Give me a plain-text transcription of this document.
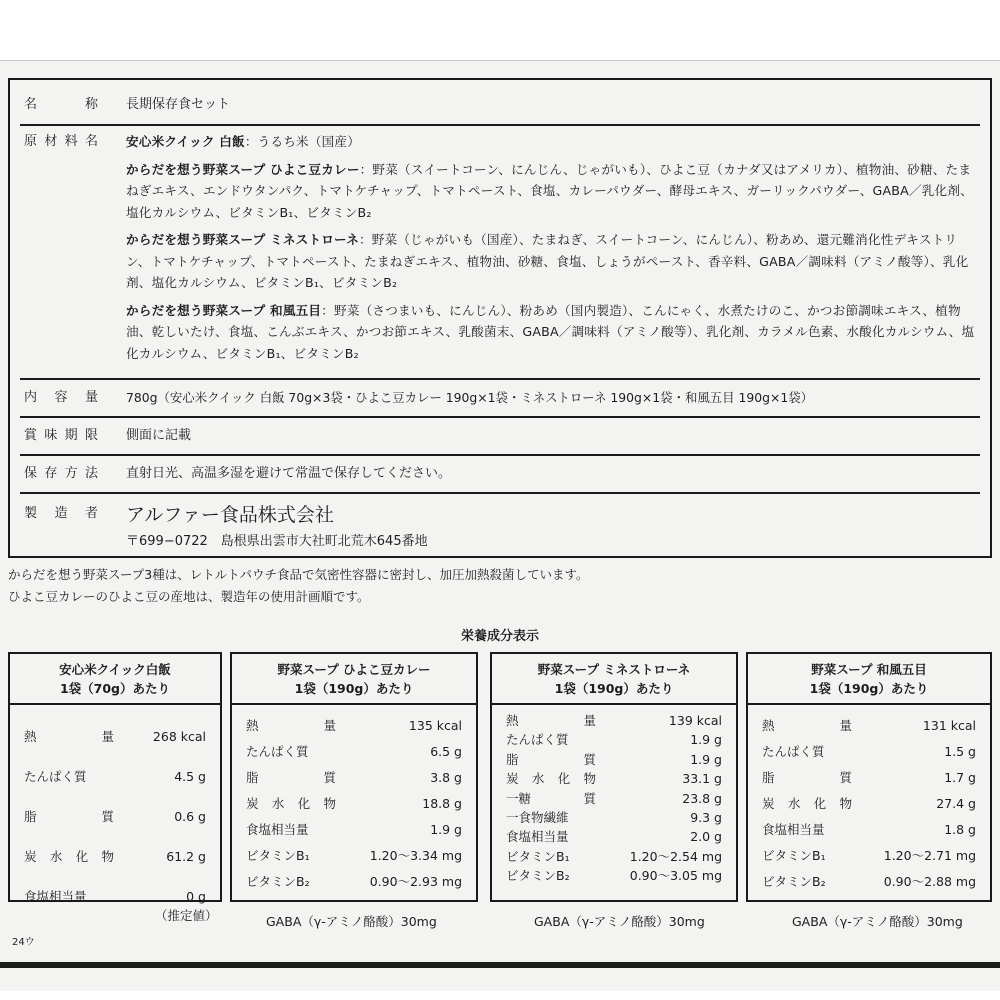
名	称 長期保存食セット
原 材 料 名 安心米クイック 白飯：うるち米（国産）

からだを想う野菜スープ ひよこ豆カレー：野菜（スイートコーン、にんじん、じゃがいも）、ひよこ豆（カナダ又はアメリカ）、植物油、砂糖、たまねぎエキス、エンドウタンパク、トマトケチャップ、トマトペースト、食塩、カレーパウダー、酵母エキス、ガーリックパウダー、GABA／乳化剤、塩化カルシウム、ビタミンB₁、ビタミンB₂

からだを想う野菜スープ ミネストローネ：野菜（じゃがいも（国産）、たまねぎ、スイートコーン、にんじん）、粉あめ、還元難消化性デキストリン、トマトケチャップ、トマトペースト、たまねぎエキス、植物油、砂糖、食塩、しょうがペースト、香辛料、GABA／調味料（アミノ酸等）、乳化剤、塩化カルシウム、ビタミンB₁、ビタミンB₂

からだを想う野菜スープ 和風五目：野菜（さつまいも、にんじん）、粉あめ（国内製造）、こんにゃく、水煮たけのこ、かつお節調味エキス、植物油、乾しいたけ、食塩、こんぶエキス、かつお節エキス、乳酸菌末、GABA／調味料（アミノ酸等）、乳化剤、カラメル色素、水酸化カルシウム、塩化カルシウム、ビタミンB₁、ビタミンB₂

内 容 量 780g（安心米クイック 白飯 70g×3袋・ひよこ豆カレー 190g×1袋・ミネストローネ 190g×1袋・和風五目 190g×1袋）
賞 味 期 限 側面に記載
保 存 方 法 直射日光、高温多湿を避けて常温で保存してください。
製 造 者 アルファー食品株式会社
〒699−0722　島根県出雲市大社町北荒木645番地
からだを想う野菜スープ3種は、レトルトパウチ食品で気密性容器に密封し、加圧加熱殺菌しています。
ひよこ豆カレーのひよこ豆の産地は、製造年の使用計画順です。
栄養成分表示
安心米クイック白飯
1袋（70g）あたり
熱	量	268 kcal
たんぱく質	4.5 g
脂	質	0.6 g
炭 水 化 物	61.2 g
食塩相当量	0 g
野菜スープ ひよこ豆カレー
1袋（190g）あたり
熱	量	135 kcal
たんぱく質	6.5 g
脂	質	3.8 g
炭 水 化 物	18.8 g
食塩相当量	1.9 g
ビタミンB₁	1.20〜3.34 mg
ビタミンB₂	0.90〜2.93 mg
GABA（γ-アミノ酪酸）30mg
野菜スープ ミネストローネ
1袋（190g）あたり
熱	量	139 kcal
たんぱく質	1.9 g
脂	質	1.9 g
炭 水 化 物	33.1 g
一糖	質	23.8 g
一食物繊維	9.3 g
食塩相当量	2.0 g
ビタミンB₁	1.20〜2.54 mg
ビタミンB₂	0.90〜3.05 mg
GABA（γ-アミノ酪酸）30mg
野菜スープ 和風五目
1袋（190g）あたり
熱	量	131 kcal
たんぱく質	1.5 g
脂	質	1.7 g
炭 水 化 物	27.4 g
食塩相当量	1.8 g
ビタミンB₁	1.20〜2.71 mg
ビタミンB₂	0.90〜2.88 mg
GABA（γ-アミノ酪酸）30mg
（推定値）
24ウ
